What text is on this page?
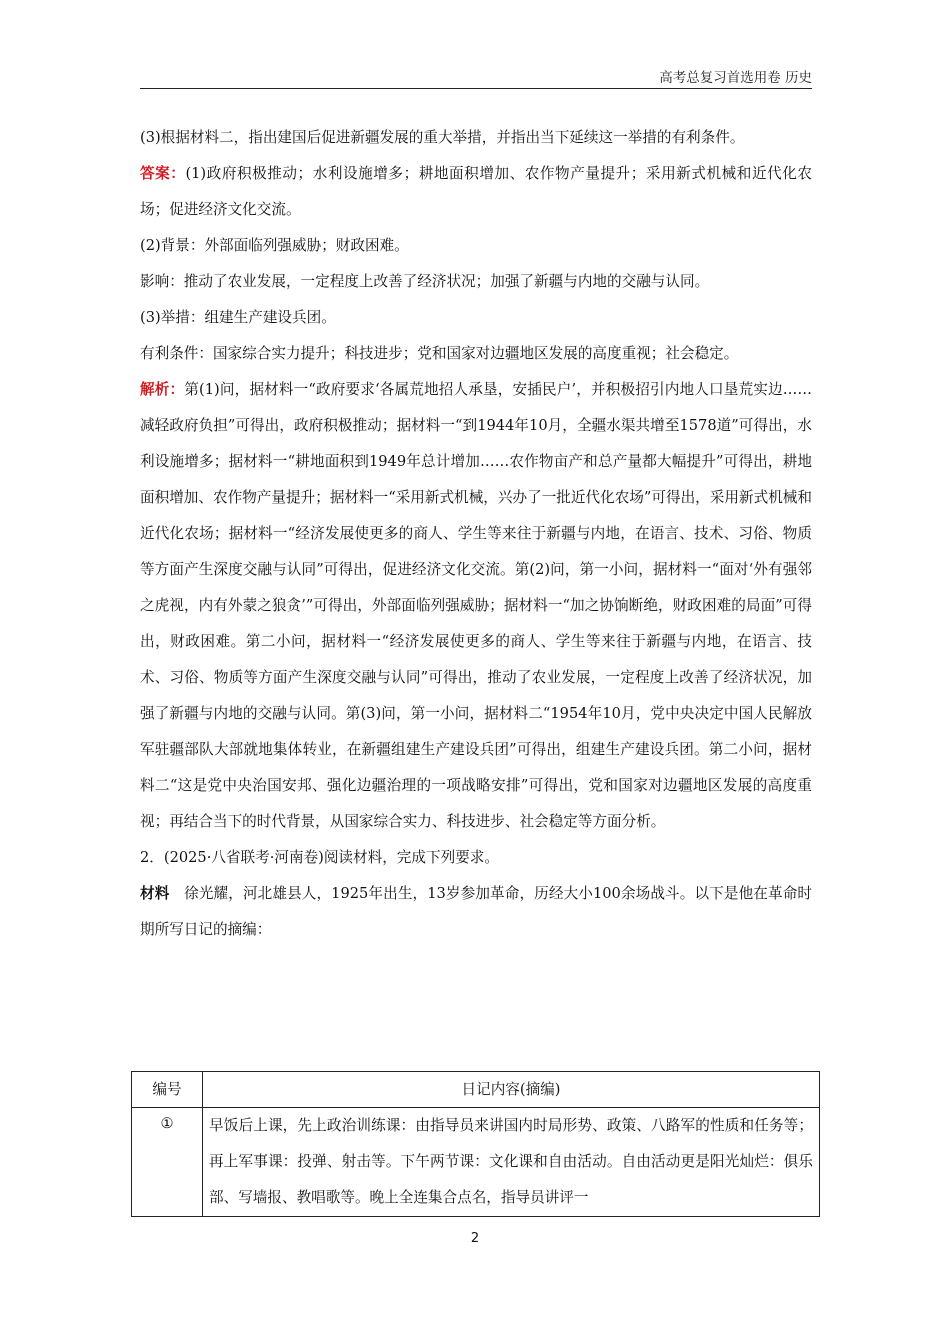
高考总复习首选用卷 历史

(3)根据材料二，指出建国后促进新疆发展的重大举措，并指出当下延续这一举措的有利条件。

答案：(1)政府积极推动；水利设施增多；耕地面积增加、农作物产量提升；采用新式机械和近代化农场；促进经济文化交流。

(2)背景：外部面临列强威胁；财政困难。

影响：推动了农业发展，一定程度上改善了经济状况；加强了新疆与内地的交融与认同。

(3)举措：组建生产建设兵团。

有利条件：国家综合实力提升；科技进步；党和国家对边疆地区发展的高度重视；社会稳定。

解析：第(1)问，据材料一“政府要求‘各属荒地招人承垦，安插民户’，并积极招引内地人口垦荒实边……减轻政府负担”可得出，政府积极推动；据材料一“到1944年10月，全疆水渠共增至1578道”可得出，水利设施增多；据材料一“耕地面积到1949年总计增加……农作物亩产和总产量都大幅提升”可得出，耕地面积增加、农作物产量提升；据材料一“采用新式机械，兴办了一批近代化农场”可得出，采用新式机械和近代化农场；据材料一“经济发展使更多的商人、学生等来往于新疆与内地，在语言、技术、习俗、物质等方面产生深度交融与认同”可得出，促进经济文化交流。第(2)问，第一小问，据材料一“面对‘外有强邻之虎视，内有外蒙之狼贪’”可得出，外部面临列强威胁；据材料一“加之协饷断绝，财政困难的局面”可得出，财政困难。第二小问，据材料一“经济发展使更多的商人、学生等来往于新疆与内地，在语言、技术、习俗、物质等方面产生深度交融与认同”可得出，推动了农业发展，一定程度上改善了经济状况，加强了新疆与内地的交融与认同。第(3)问，第一小问，据材料二“1954年10月，党中央决定中国人民解放军驻疆部队大部就地集体转业，在新疆组建生产建设兵团”可得出，组建生产建设兵团。第二小问，据材料二“这是党中央治国安邦、强化边疆治理的一项战略安排”可得出，党和国家对边疆地区发展的高度重视；再结合当下的时代背景，从国家综合实力、科技进步、社会稳定等方面分析。

2．(2025·八省联考·河南卷)阅读材料，完成下列要求。

材料　 徐光耀，河北雄县人，1925年出生，13岁参加革命，历经大小100余场战斗。以下是他在革命时期所写日记的摘编：

编号	日记内容(摘编)
①	早饭后上课，先上政治训练课：由指导员来讲国内时局形势、政策、八路军的性质和任务等；再上军事课：投弹、射击等。下午两节课：文化课和自由活动。自由活动更是阳光灿烂：俱乐部、写墙报、教唱歌等。晚上全连集合点名，指导员讲评一
2
